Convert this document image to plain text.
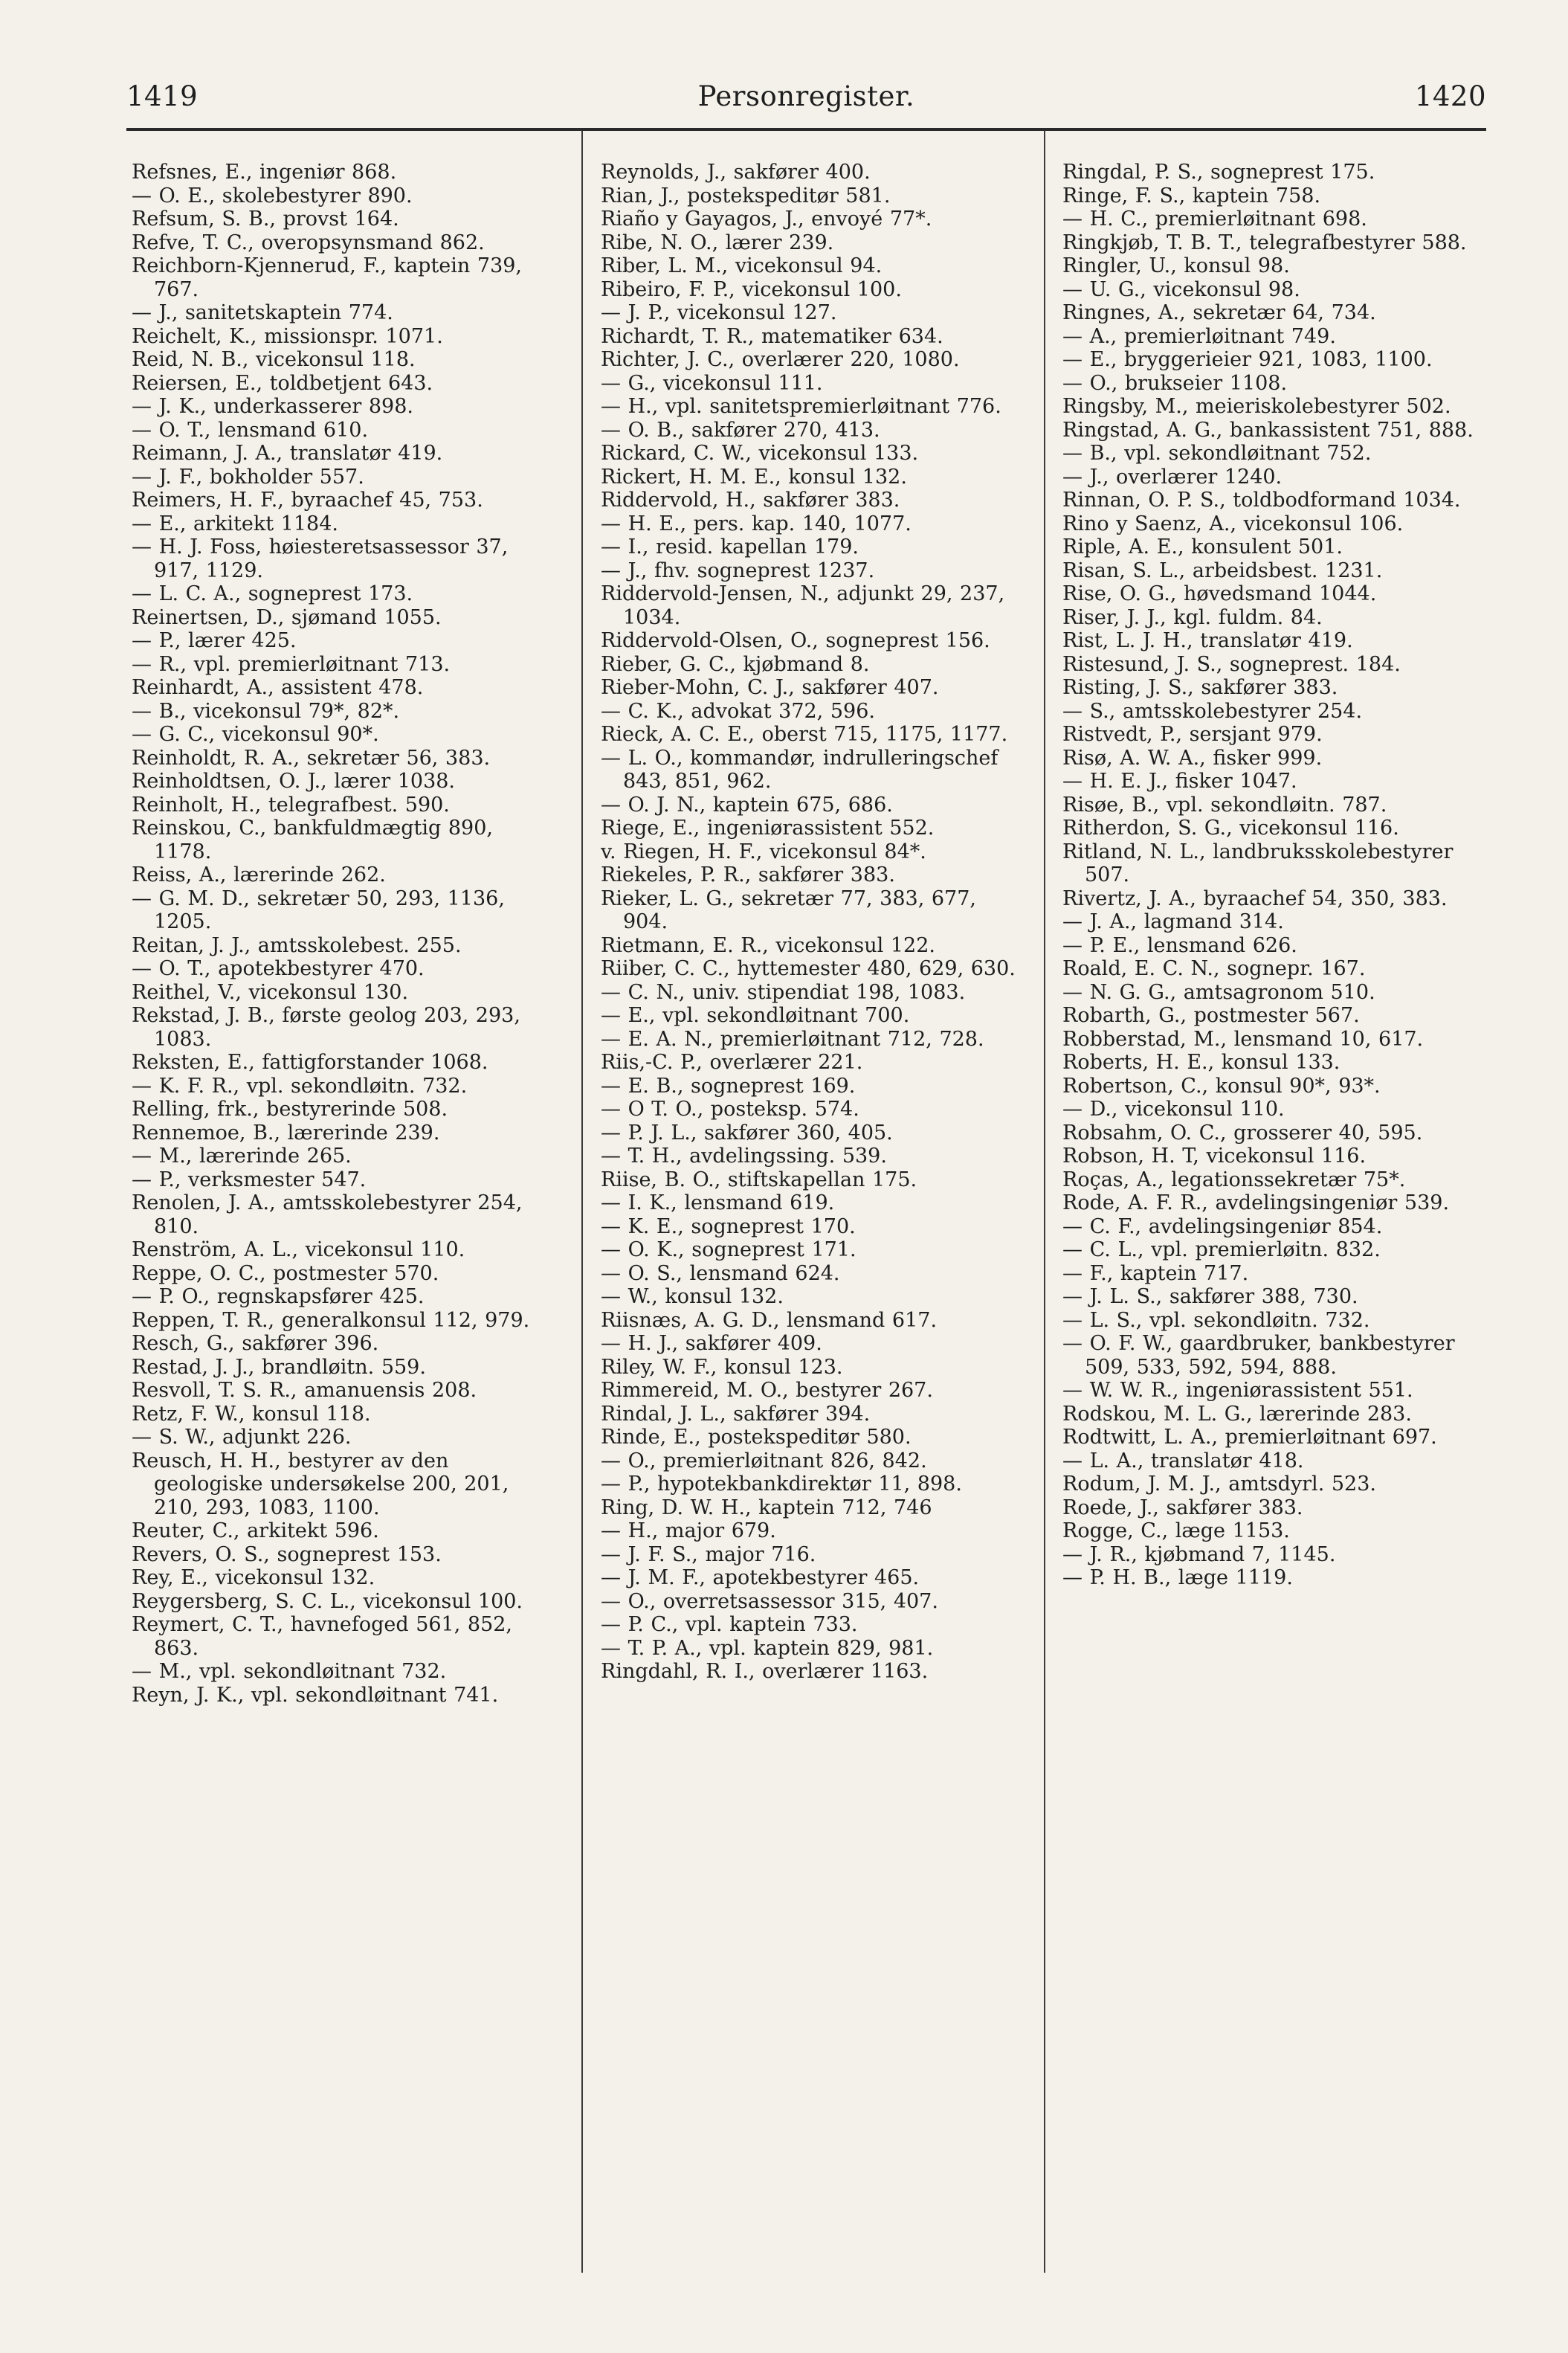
1419	Personregister.	1420
Refsnes, E., ingeniør 868.
— O. E., skolebestyrer 890.
Refsum, S. B., provst 164.
Refve, T. C., overopsynsmand 862.
Reichborn-Kjennerud, F., kaptein 739, 767.
— J., sanitetskaptein 774.
Reichelt, K., missionspr. 1071.
Reid, N. B., vicekonsul 118.
Reiersen, E., toldbetjent 643.
— J. K., underkasserer 898.
— O. T., lensmand 610.
Reimann, J. A., translatør 419.
— J. F., bokholder 557.
Reimers, H. F., byraachef 45, 753.
— E., arkitekt 1184.
— H. J. Foss, høiesteretsassessor 37, 917, 1129.
— L. C. A., sogneprest 173.
Reinertsen, D., sjømand 1055.
— P., lærer 425.
— R., vpl. premierløitnant 713.
Reinhardt, A., assistent 478.
— B., vicekonsul 79*, 82*.
— G. C., vicekonsul 90*.
Reinholdt, R. A., sekretær 56, 383.
Reinholdtsen, O. J., lærer 1038.
Reinholt, H., telegrafbest. 590.
Reinskou, C., bankfuldmægtig 890, 1178.
Reiss, A., lærerinde 262.
— G. M. D., sekretær 50, 293, 1136, 1205.
Reitan, J. J., amtsskolebest. 255.
— O. T., apotekbestyrer 470.
Reithel, V., vicekonsul 130.
Rekstad, J. B., første geolog 203, 293, 1083.
Reksten, E., fattigforstander 1068.
— K. F. R., vpl. sekondløitn. 732.
Relling, frk., bestyrerinde 508.
Rennemoe, B., lærerinde 239.
— M., lærerinde 265.
— P., verksmester 547.
Renolen, J. A., amtsskolebestyrer 254, 810.
Renström, A. L., vicekonsul 110.
Reppe, O. C., postmester 570.
— P. O., regnskapsfører 425.
Reppen, T. R., generalkonsul 112, 979.
Resch, G., sakfører 396.
Restad, J. J., brandløitn. 559.
Resvoll, T. S. R., amanuensis 208.
Retz, F. W., konsul 118.
— S. W., adjunkt 226.
Reusch, H. H., bestyrer av den geologiske undersøkelse 200, 201, 210, 293, 1083, 1100.
Reuter, C., arkitekt 596.
Revers, O. S., sogneprest 153.
Rey, E., vicekonsul 132.
Reygersberg, S. C. L., vicekonsul 100.
Reymert, C. T., havnefoged 561, 852, 863.
— M., vpl. sekondløitnant 732.
Reyn, J. K., vpl. sekondløitnant 741.
Reynolds, J., sakfører 400.
Rian, J., postekspeditør 581.
Riaño y Gayagos, J., envoyé 77*.
Ribe, N. O., lærer 239.
Riber, L. M., vicekonsul 94.
Ribeiro, F. P., vicekonsul 100.
— J. P., vicekonsul 127.
Richardt, T. R., matematiker 634.
Richter, J. C., overlærer 220, 1080.
— G., vicekonsul 111.
— H., vpl. sanitetspremierløitnant 776.
— O. B., sakfører 270, 413.
Rickard, C. W., vicekonsul 133.
Rickert, H. M. E., konsul 132.
Riddervold, H., sakfører 383.
— H. E., pers. kap. 140, 1077.
— I., resid. kapellan 179.
— J., fhv. sogneprest 1237.
Riddervold-Jensen, N., adjunkt 29, 237, 1034.
Riddervold-Olsen, O., sogneprest 156.
Rieber, G. C., kjøbmand 8.
Rieber-Mohn, C. J., sakfører 407.
— C. K., advokat 372, 596.
Rieck, A. C. E., oberst 715, 1175, 1177.
— L. O., kommandør, indrulleringschef 843, 851, 962.
— O. J. N., kaptein 675, 686.
Riege, E., ingeniørassistent 552.
v. Riegen, H. F., vicekonsul 84*.
Riekeles, P. R., sakfører 383.
Rieker, L. G., sekretær 77, 383, 677, 904.
Rietmann, E. R., vicekonsul 122.
Riiber, C. C., hyttemester 480, 629, 630.
— C. N., univ. stipendiat 198, 1083.
— E., vpl. sekondløitnant 700.
— E. A. N., premierløitnant 712, 728.
Riis,-C. P., overlærer 221.
— E. B., sogneprest 169.
— O T. O., posteksp. 574.
— P. J. L., sakfører 360, 405.
— T. H., avdelingssing. 539.
Riise, B. O., stiftskapellan 175.
— I. K., lensmand 619.
— K. E., sogneprest 170.
— O. K., sogneprest 171.
— O. S., lensmand 624.
— W., konsul 132.
Riisnæs, A. G. D., lensmand 617.
— H. J., sakfører 409.
Riley, W. F., konsul 123.
Rimmereid, M. O., bestyrer 267.
Rindal, J. L., sakfører 394.
Rinde, E., postekspeditør 580.
— O., premierløitnant 826, 842.
— P., hypotekbankdirektør 11, 898.
Ring, D. W. H., kaptein 712, 746
— H., major 679.
— J. F. S., major 716.
— J. M. F., apotekbestyrer 465.
— O., overretsassessor 315, 407.
— P. C., vpl. kaptein 733.
— T. P. A., vpl. kaptein 829, 981.
Ringdahl, R. I., overlærer 1163.
Ringdal, P. S., sogneprest 175.
Ringe, F. S., kaptein 758.
— H. C., premierløitnant 698.
Ringkjøb, T. B. T., telegrafbestyrer 588.
Ringler, U., konsul 98.
— U. G., vicekonsul 98.
Ringnes, A., sekretær 64, 734.
— A., premierløitnant 749.
— E., bryggerieier 921, 1083, 1100.
— O., brukseier 1108.
Ringsby, M., meieriskolebestyrer 502.
Ringstad, A. G., bankassistent 751, 888.
— B., vpl. sekondløitnant 752.
— J., overlærer 1240.
Rinnan, O. P. S., toldbodformand 1034.
Rino y Saenz, A., vicekonsul 106.
Riple, A. E., konsulent 501.
Risan, S. L., arbeidsbest. 1231.
Rise, O. G., høvedsmand 1044.
Riser, J. J., kgl. fuldm. 84.
Rist, L. J. H., translatør 419.
Ristesund, J. S., sogneprest. 184.
Risting, J. S., sakfører 383.
— S., amtsskolebestyrer 254.
Ristvedt, P., sersjant 979.
Risø, A. W. A., fisker 999.
— H. E. J., fisker 1047.
Risøe, B., vpl. sekondløitn. 787.
Ritherdon, S. G., vicekonsul 116.
Ritland, N. L., landbruksskolebestyrer 507.
Rivertz, J. A., byraachef 54, 350, 383.
— J. A., lagmand 314.
— P. E., lensmand 626.
Roald, E. C. N., sognepr. 167.
— N. G. G., amtsagronom 510.
Robarth, G., postmester 567.
Robberstad, M., lensmand 10, 617.
Roberts, H. E., konsul 133.
Robertson, C., konsul 90*, 93*.
— D., vicekonsul 110.
Robsahm, O. C., grosserer 40, 595.
Robson, H. T, vicekonsul 116.
Roças, A., legationssekretær 75*.
Rode, A. F. R., avdelingsingeniør 539.
— C. F., avdelingsingeniør 854.
— C. L., vpl. premierløitn. 832.
— F., kaptein 717.
— J. L. S., sakfører 388, 730.
— L. S., vpl. sekondløitn. 732.
— O. F. W., gaardbruker, bankbestyrer 509, 533, 592, 594, 888.
— W. W. R., ingeniørassistent 551.
Rodskou, M. L. G., lærerinde 283.
Rodtwitt, L. A., premierløitnant 697.
— L. A., translatør 418.
Rodum, J. M. J., amtsdyrl. 523.
Roede, J., sakfører 383.
Rogge, C., læge 1153.
— J. R., kjøbmand 7, 1145.
— P. H. B., læge 1119.
